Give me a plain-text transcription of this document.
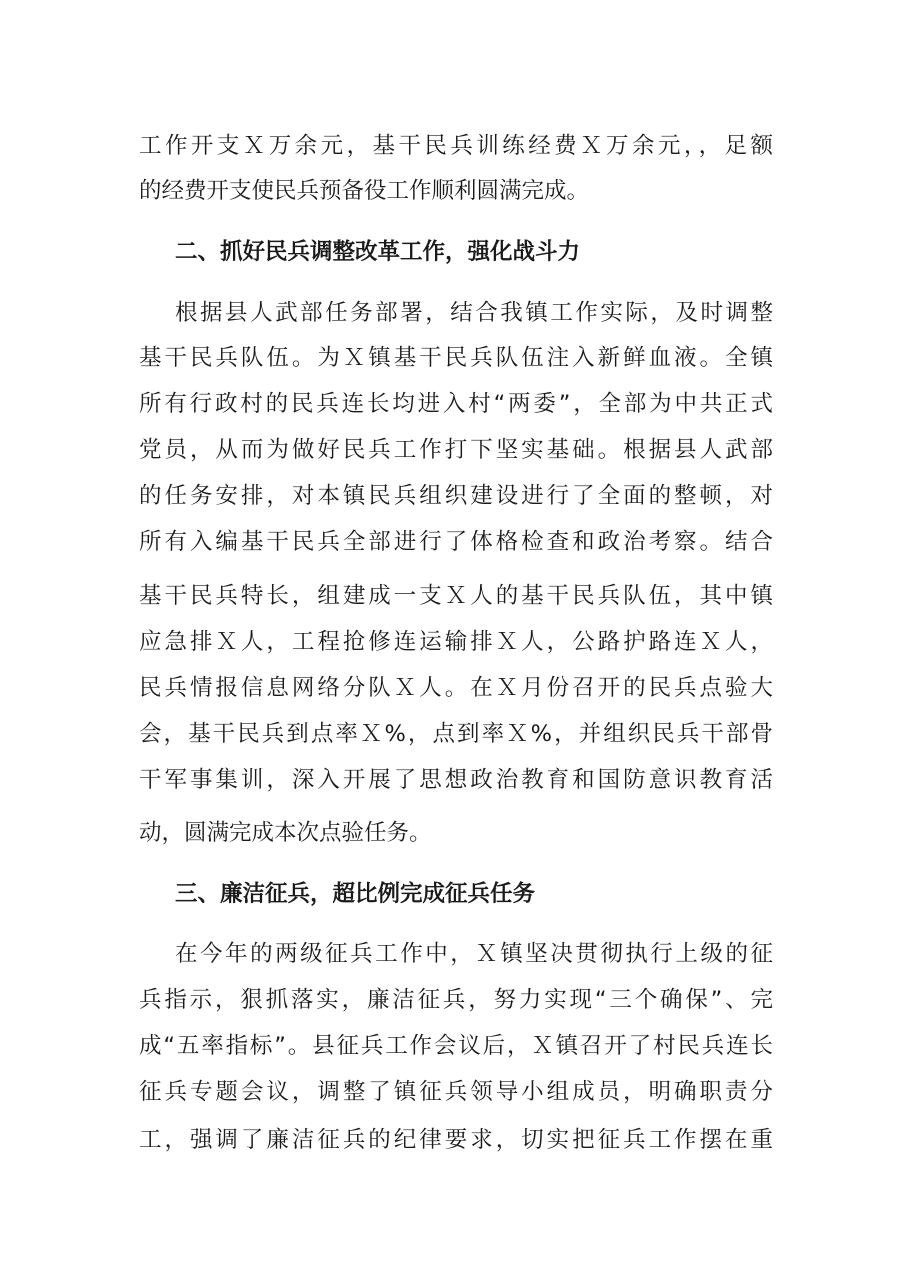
工作开支Ｘ万余元，基干民兵训练经费Ｘ万余元，，足额
的经费开支使民兵预备役工作顺利圆满完成。
二、抓好民兵调整改革工作，强化战斗力
根据县人武部任务部署，结合我镇工作实际，及时调整
基干民兵队伍。为Ｘ镇基干民兵队伍注入新鲜血液。全镇
所有行政村的民兵连长均进入村“两委”，全部为中共正式
党员，从而为做好民兵工作打下坚实基础。根据县人武部
的任务安排，对本镇民兵组织建设进行了全面的整顿，对
所有入编基干民兵全部进行了体格检查和政治考察。结合
基干民兵特长，组建成一支Ｘ人的基干民兵队伍，其中镇
应急排Ｘ人，工程抢修连运输排Ｘ人，公路护路连Ｘ人，
民兵情报信息网络分队Ｘ人。在Ｘ月份召开的民兵点验大
会，基干民兵到点率Ｘ%，点到率Ｘ%，并组织民兵干部骨
干军事集训，深入开展了思想政治教育和国防意识教育活
动，圆满完成本次点验任务。
三、廉洁征兵，超比例完成征兵任务
在今年的两级征兵工作中，Ｘ镇坚决贯彻执行上级的征
兵指示，狠抓落实，廉洁征兵，努力实现“三个确保”、完
成“五率指标”。县征兵工作会议后，Ｘ镇召开了村民兵连长
征兵专题会议，调整了镇征兵领导小组成员，明确职责分
工，强调了廉洁征兵的纪律要求，切实把征兵工作摆在重
